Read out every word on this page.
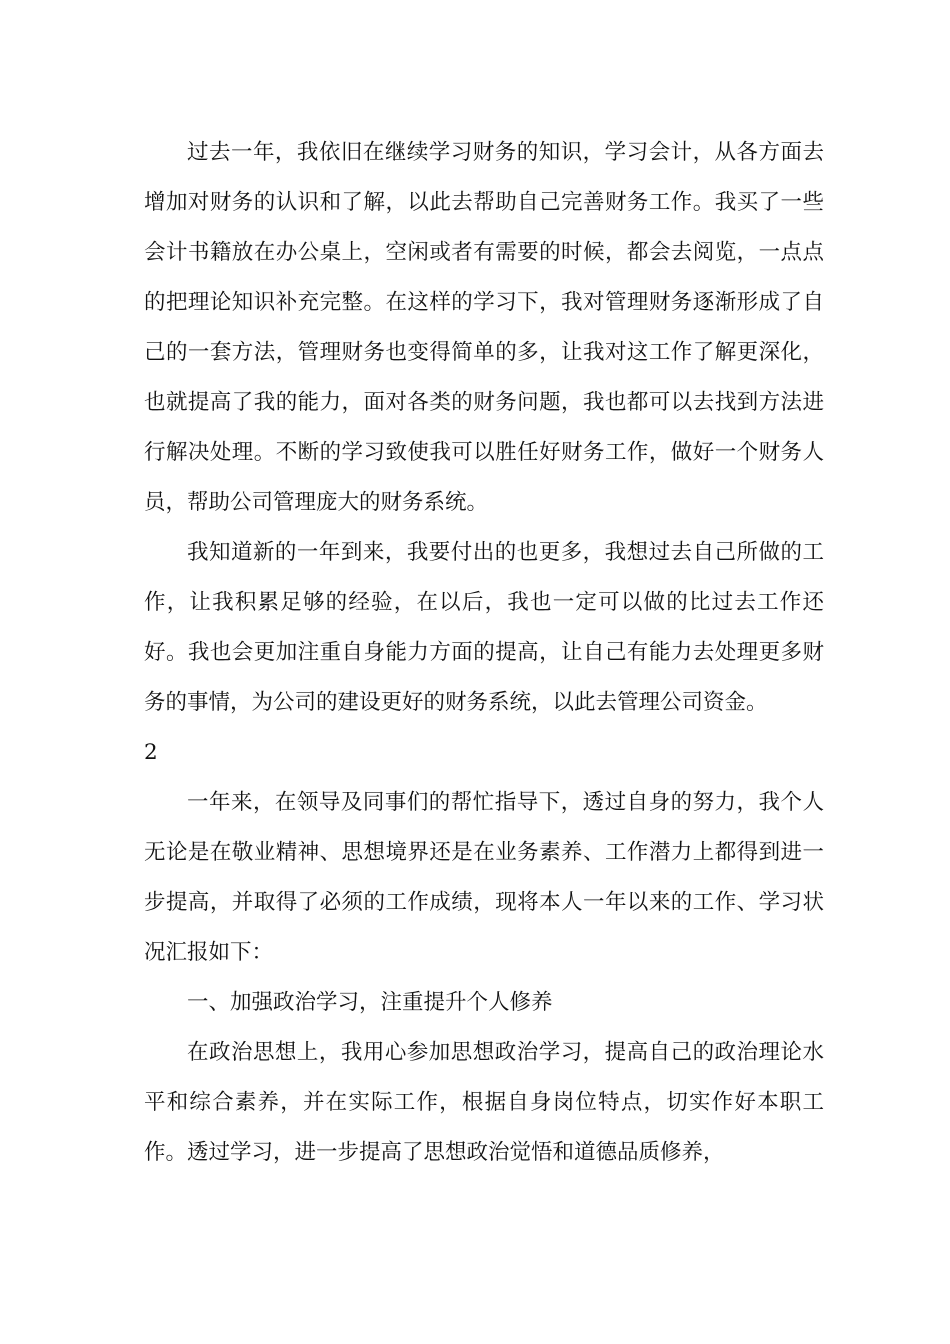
过去一年，我依旧在继续学习财务的知识，学习会计，从各方面去增加对财务的认识和了解，以此去帮助自己完善财务工作。我买了一些会计书籍放在办公桌上，空闲或者有需要的时候，都会去阅览，一点点的把理论知识补充完整。在这样的学习下，我对管理财务逐渐形成了自己的一套方法，管理财务也变得简单的多，让我对这工作了解更深化，也就提高了我的能力，面对各类的财务问题，我也都可以去找到方法进行解决处理。不断的学习致使我可以胜任好财务工作，做好一个财务人员，帮助公司管理庞大的财务系统。

我知道新的一年到来，我要付出的也更多，我想过去自己所做的工作，让我积累足够的经验，在以后，我也一定可以做的比过去工作还好。我也会更加注重自身能力方面的提高，让自己有能力去处理更多财务的事情，为公司的建设更好的财务系统，以此去管理公司资金。

2

一年来，在领导及同事们的帮忙指导下，透过自身的努力，我个人无论是在敬业精神、思想境界还是在业务素养、工作潜力上都得到进一步提高，并取得了必须的工作成绩，现将本人一年以来的工作、学习状况汇报如下：

一、加强政治学习，注重提升个人修养

在政治思想上，我用心参加思想政治学习，提高自己的政治理论水平和综合素养，并在实际工作，根据自身岗位特点，切实作好本职工作。透过学习，进一步提高了思想政治觉悟和道德品质修养，
